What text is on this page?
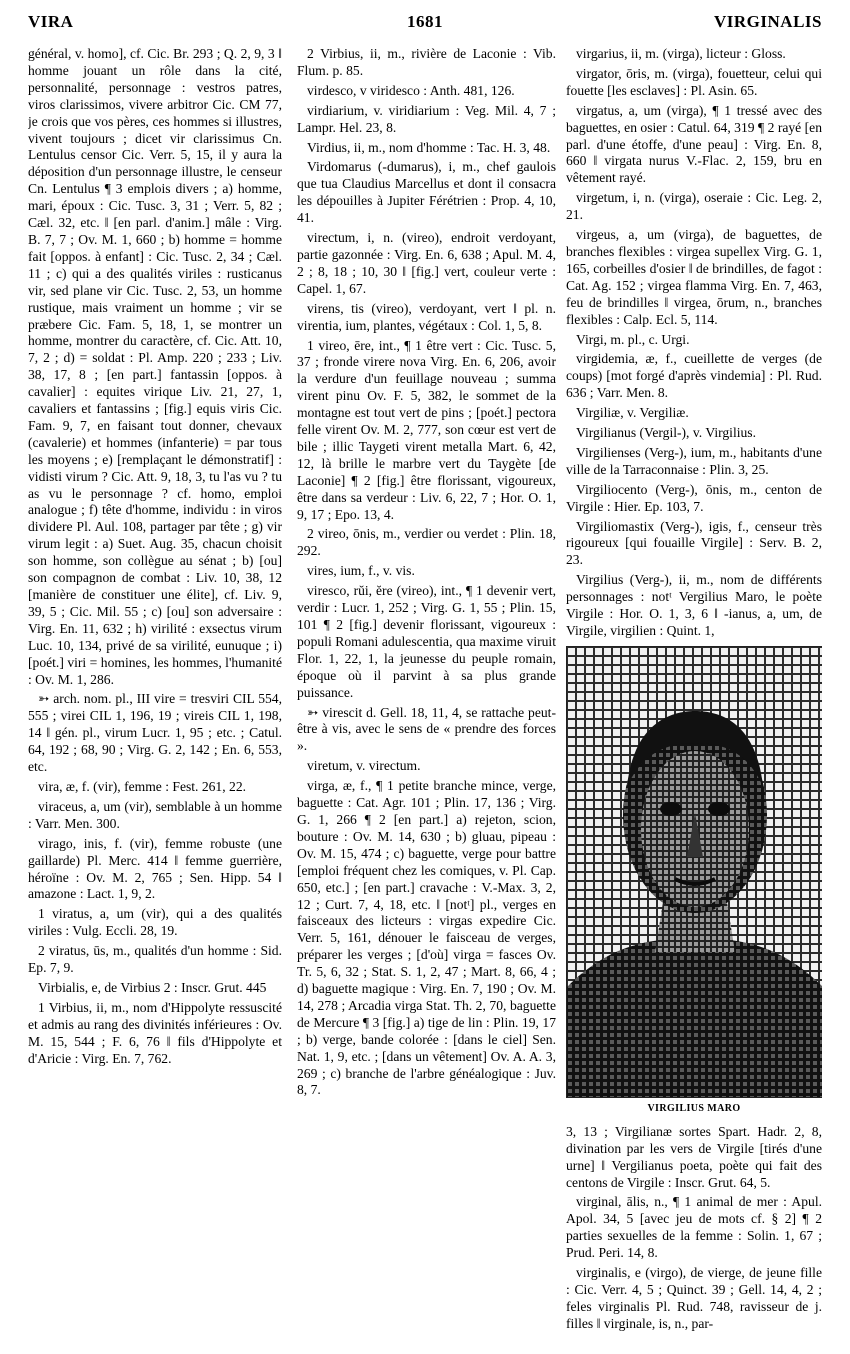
VIRA	1681	VIRGINALIS

général, v. homo], cf. Cic. Br. 293 ; Q. 2, 9, 3 ‖ homme jouant un rôle dans la cité, personnalité, personnage : vestros patres, viros clarissimos, vivere arbitror Cic. CM 77, je crois que vos pères, ces hommes si illustres, vivent toujours ; dicet vir clarissimus Cn. Lentulus censor Cic. Verr. 5, 15, il y aura la déposition d'un personnage illustre, le censeur Cn. Lentulus ¶ 3 emplois divers ; a) homme, mari, époux : Cic. Tusc. 3, 31 ; Verr. 5, 82 ; Cæl. 32, etc. ‖ [en parl. d'anim.] mâle : Virg. B. 7, 7 ; Ov. M. 1, 660 ; b) homme = homme fait [oppos. à enfant] : Cic. Tusc. 2, 34 ; Cæl. 11 ; c) qui a des qualités viriles : rusticanus vir, sed plane vir Cic. Tusc. 2, 53, un homme rustique, mais vraiment un homme ; vir se præbere Cic. Fam. 5, 18, 1, se montrer un homme, montrer du caractère, cf. Cic. Att. 10, 7, 2 ; d) = soldat : Pl. Amp. 220 ; 233 ; Liv. 38, 17, 8 ; [en part.] fantassin [oppos. à cavalier] : equites virique Liv. 21, 27, 1, cavaliers et fantassins ; [fig.] equis viris Cic. Fam. 9, 7, en faisant tout donner, chevaux (cavalerie) et hommes (infanterie) = par tous les moyens ; e) [remplaçant le démonstratif] : vidisti virum ? Cic. Att. 9, 18, 3, tu l'as vu ? tu as vu le personnage ? cf. homo, emploi analogue ; f) tête d'homme, individu : in viros dividere Pl. Aul. 108, partager par tête ; g) vir virum legit : a) Suet. Aug. 35, chacun choisit son homme, son collègue au sénat ; b) [ou] son compagnon de combat : Liv. 10, 38, 12 [manière de constituer une élite], cf. Liv. 9, 39, 5 ; Cic. Mil. 55 ; c) [ou] son adversaire : Virg. En. 11, 632 ; h) virilité : exsectus virum Luc. 10, 134, privé de sa virilité, eunuque ; i) [poét.] viri = homines, les hommes, l'humanité : Ov. M. 1, 286.

➳ arch. nom. pl., III vire = tresviri CIL 554, 555 ; virei CIL 1, 196, 19 ; vireis CIL 1, 198, 14 ‖ gén. pl., virum Lucr. 1, 95 ; etc. ; Catul. 64, 192 ; 68, 90 ; Virg. G. 2, 142 ; En. 6, 553, etc.

vira, æ, f. (vir), femme : Fest. 261, 22.

viraceus, a, um (vir), semblable à un homme : Varr. Men. 300.

virago, inis, f. (vir), femme robuste (une gaillarde) Pl. Merc. 414 ‖ femme guerrière, héroïne : Ov. M. 2, 765 ; Sen. Hipp. 54 ‖ amazone : Lact. 1, 9, 2.

1 viratus, a, um (vir), qui a des qualités viriles : Vulg. Eccli. 28, 19.

2 viratus, ūs, m., qualités d'un homme : Sid. Ep. 7, 9.

Virbialis, e, de Virbius 2 : Inscr. Grut. 445

1 Virbius, ii, m., nom d'Hippolyte ressuscité et admis au rang des divinités inférieures : Ov. M. 15, 544 ; F. 6, 76 ‖ fils d'Hippolyte et d'Aricie : Virg. En. 7, 762.

2 Virbius, ii, m., rivière de Laconie : Vib. Flum. p. 85.

virdesco, v viridesco : Anth. 481, 126.

virdiarium, v. viridiarium : Veg. Mil. 4, 7 ; Lampr. Hel. 23, 8.

Virdius, ii, m., nom d'homme : Tac. H. 3, 48.

Virdomarus (-dumarus), i, m., chef gaulois que tua Claudius Marcellus et dont il consacra les dépouilles à Jupiter Férétrien : Prop. 4, 10, 41.

virectum, i, n. (vireo), endroit verdoyant, partie gazonnée : Virg. En. 6, 638 ; Apul. M. 4, 2 ; 8, 18 ; 10, 30 ‖ [fig.] vert, couleur verte : Capel. 1, 67.

virens, tis (vireo), verdoyant, vert ‖ pl. n. virentia, ium, plantes, végétaux : Col. 1, 5, 8.

1 vireo, ēre, int., ¶ 1 être vert : Cic. Tusc. 5, 37 ; fronde virere nova Virg. En. 6, 206, avoir la verdure d'un feuillage nouveau ; summa virent pinu Ov. F. 5, 382, le sommet de la montagne est tout vert de pins ; [poét.] pectora felle virent Ov. M. 2, 777, son cœur est vert de bile ; illic Taygeti virent metalla Mart. 6, 42, 12, là brille le marbre vert du Taygète [de Laconie] ¶ 2 [fig.] être florissant, vigoureux, être dans sa verdeur : Liv. 6, 22, 7 ; Hor. O. 1, 9, 17 ; Epo. 13, 4.

2 vireo, ōnis, m., verdier ou verdet : Plin. 18, 292.

vires, ium, f., v. vis.

viresco, rŭi, ĕre (vireo), int., ¶ 1 devenir vert, verdir : Lucr. 1, 252 ; Virg. G. 1, 55 ; Plin. 15, 101 ¶ 2 [fig.] devenir florissant, vigoureux : populi Romani adulescentia, qua maxime viruit Flor. 1, 22, 1, la jeunesse du peuple romain, époque où il parvint à sa plus grande puissance.

➳ virescit d. Gell. 18, 11, 4, se rattache peut-être à vis, avec le sens de « prendre des forces ».

viretum, v. virectum.

virga, æ, f., ¶ 1 petite branche mince, verge, baguette : Cat. Agr. 101 ; Plin. 17, 136 ; Virg. G. 1, 266 ¶ 2 [en part.] a) rejeton, scion, bouture : Ov. M. 14, 630 ; b) gluau, pipeau : Ov. M. 15, 474 ; c) baguette, verge pour battre [emploi fréquent chez les comiques, v. Pl. Cap. 650, etc.] ; [en part.] cravache : V.-Max. 3, 2, 12 ; Curt. 7, 4, 18, etc. ‖ [notᵗ] pl., verges en faisceaux des licteurs : virgas expedire Cic. Verr. 5, 161, dénouer le faisceau de verges, préparer les verges ; [d'où] virga = fasces Ov. Tr. 5, 6, 32 ; Stat. S. 1, 2, 47 ; Mart. 8, 66, 4 ; d) baguette magique : Virg. En. 7, 190 ; Ov. M. 14, 278 ; Arcadia virga Stat. Th. 2, 70, baguette de Mercure ¶ 3 [fig.] a) tige de lin : Plin. 19, 17 ; b) verge, bande colorée : [dans le ciel] Sen. Nat. 1, 9, etc. ; [dans un vêtement] Ov. A. A. 3, 269 ; c) branche de l'arbre généalogique : Juv. 8, 7.

virgarius, ii, m. (virga), licteur : Gloss.

virgator, ōris, m. (virga), fouetteur, celui qui fouette [les esclaves] : Pl. Asin. 65.

virgatus, a, um (virga), ¶ 1 tressé avec des baguettes, en osier : Catul. 64, 319 ¶ 2 rayé [en parl. d'une étoffe, d'une peau] : Virg. En. 8, 660 ‖ virgata nurus V.-Flac. 2, 159, bru en vêtement rayé.

virgetum, i, n. (virga), oseraie : Cic. Leg. 2, 21.

virgeus, a, um (virga), de baguettes, de branches flexibles : virgea supellex Virg. G. 1, 165, corbeilles d'osier ‖ de brindilles, de fagot : Cat. Ag. 152 ; virgea flamma Virg. En. 7, 463, feu de brindilles ‖ virgea, ōrum, n., branches flexibles : Calp. Ecl. 5, 114.

Virgi, m. pl., c. Urgi.

virgidemia, æ, f., cueillette de verges (de coups) [mot forgé d'après vindemia] : Pl. Rud. 636 ; Varr. Men. 8.

Virgiliæ, v. Vergiliæ.

Virgilianus (Vergil-), v. Virgilius.

Virgilienses (Verg-), ium, m., habitants d'une ville de la Tarraconnaise : Plin. 3, 25.

Virgiliocento (Verg-), ōnis, m., centon de Virgile : Hier. Ep. 103, 7.

Virgiliomastix (Verg-), igis, f., censeur très rigoureux [qui fouaille Virgile] : Serv. B. 2, 23.

Virgilius (Verg-), ii, m., nom de différents personnages : notᵗ Vergilius Maro, le poète Virgile : Hor. O. 1, 3, 6 ‖ -ianus, a, um, de Virgile, virgilien : Quint. 1,

VIRGILIUS MARO

3, 13 ; Virgilianæ sortes Spart. Hadr. 2, 8, divination par les vers de Virgile [tirés d'une urne] ‖ Vergilianus poeta, poète qui fait des centons de Virgile : Inscr. Grut. 64, 5.

virginal, ālis, n., ¶ 1 animal de mer : Apul. Apol. 34, 5 [avec jeu de mots cf. § 2] ¶ 2 parties sexuelles de la femme : Solin. 1, 67 ; Prud. Peri. 14, 8.

virginalis, e (virgo), de vierge, de jeune fille : Cic. Verr. 4, 5 ; Quinct. 39 ; Gell. 14, 4, 2 ; feles virginalis Pl. Rud. 748, ravisseur de j. filles ‖ virginale, is, n., par-
